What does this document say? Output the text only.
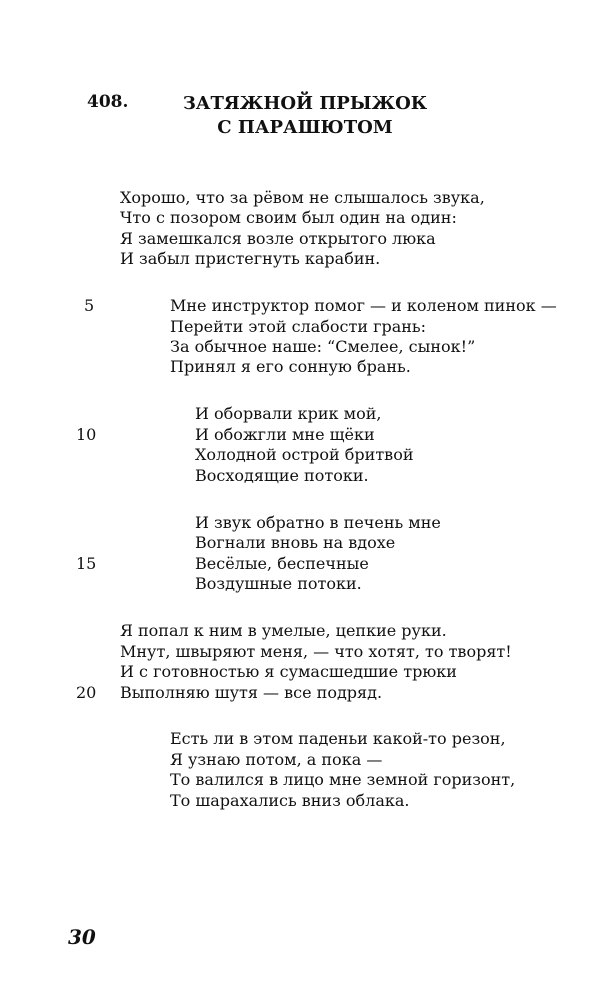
408.	ЗАТЯЖНОЙ ПРЫЖОК
С ПАРАШЮТОМ
Хорошо, что за рёвом не слышалось звука,
Что с позором своим был один на один:
Я замешкался возле открытого люка
И забыл пристегнуть карабин.
5	Мне инструктор помог — и коленом пинок —
Перейти этой слабости грань:
За обычное наше: “Смелее, сынок!”
Принял я его сонную брань.
И оборвали крик мой,
10	И обожгли мне щёки
Холодной острой бритвой
Восходящие потоки.
И звук обратно в печень мне
Вогнали вновь на вдохе
15	Весёлые, беспечные
Воздушные потоки.
Я попал к ним в умелые, цепкие руки.
Мнут, швыряют меня, — что хотят, то творят!
И с готовностью я сумасшедшие трюки
20 Выполняю шутя — все подряд.
Есть ли в этом паденьи какой-то резон,
Я узнаю потом, а пока —
То валился в лицо мне земной горизонт,
То шарахались вниз облака.
30
